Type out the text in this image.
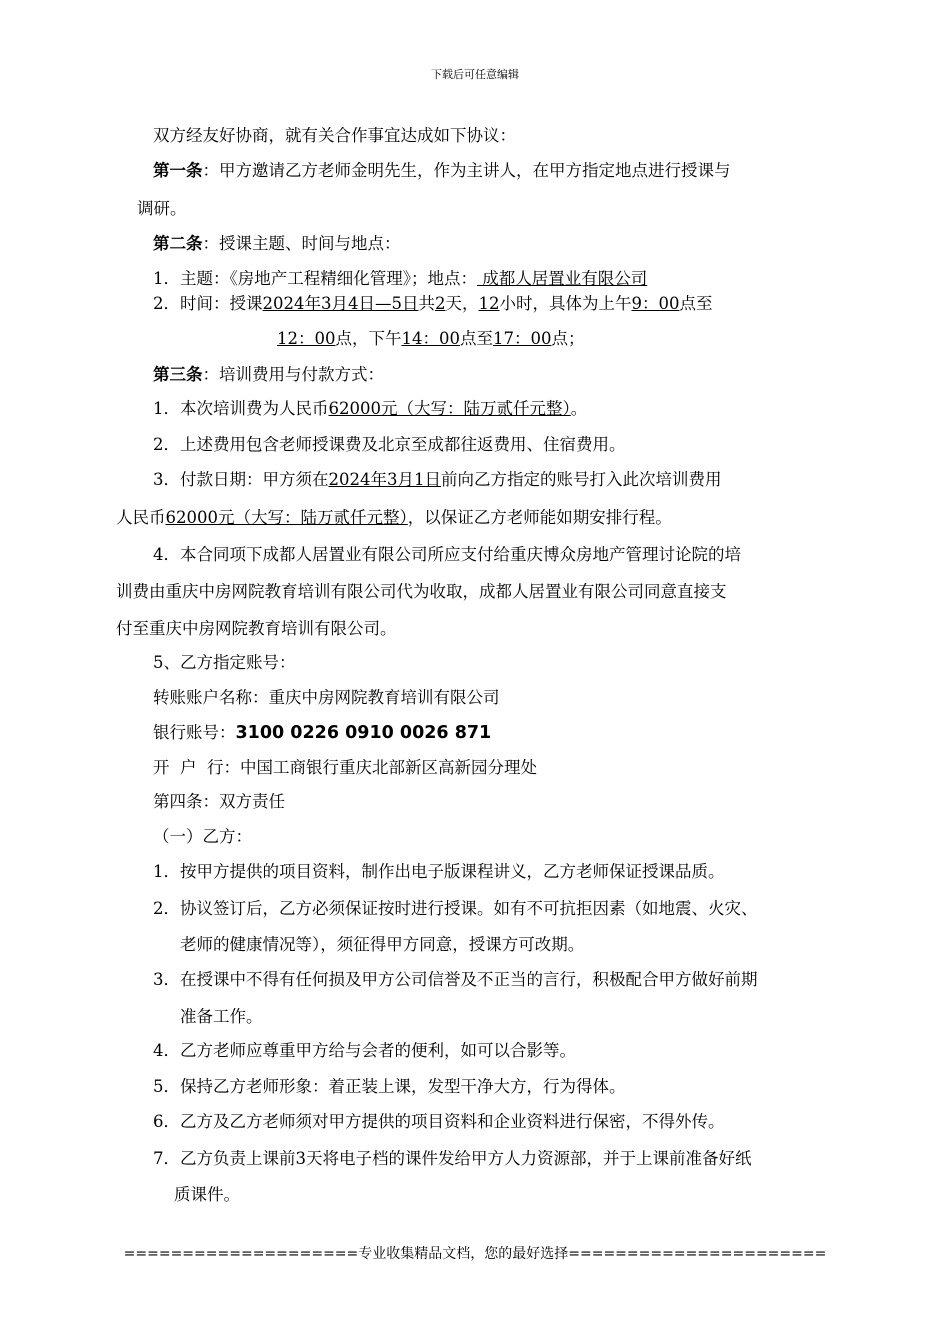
下载后可任意编辑
双方经友好协商，就有关合作事宜达成如下协议：
第一条：甲方邀请乙方老师金明先生，作为主讲人，在甲方指定地点进行授课与
调研。
第二条：授课主题、时间与地点：
1．主题：《房地产工程精细化管理》；地点： 成都人居置业有限公司
2．时间：授课2024年3月4日—5日共2天，12小时，具体为上午9：00点至
12：00点，下午14：00点至17：00点；
第三条：培训费用与付款方式：
1．本次培训费为人民币62000元（大写：陆万贰仟元整）。
2．上述费用包含老师授课费及北京至成都往返费用、住宿费用。
3．付款日期：甲方须在2024年3月1日前向乙方指定的账号打入此次培训费用
人民币62000元（大写：陆万贰仟元整），以保证乙方老师能如期安排行程。
4．本合同项下成都人居置业有限公司所应支付给重庆博众房地产管理讨论院的培
训费由重庆中房网院教育培训有限公司代为收取，成都人居置业有限公司同意直接支
付至重庆中房网院教育培训有限公司。
5、乙方指定账号：
转账账户名称：重庆中房网院教育培训有限公司
银行账号：3100 0226 0910 0026 871
开  户  行：中国工商银行重庆北部新区高新园分理处
第四条：双方责任
（一）乙方：
1．按甲方提供的项目资料，制作出电子版课程讲义，乙方老师保证授课品质。
2．协议签订后，乙方必须保证按时进行授课。如有不可抗拒因素（如地震、火灾、
老师的健康情况等），须征得甲方同意，授课方可改期。
3．在授课中不得有任何损及甲方公司信誉及不正当的言行，积极配合甲方做好前期
准备工作。
4．乙方老师应尊重甲方给与会者的便利，如可以合影等。
5．保持乙方老师形象：着正装上课，发型干净大方，行为得体。
6．乙方及乙方老师须对甲方提供的项目资料和企业资料进行保密，不得外传。
7．乙方负责上课前3天将电子档的课件发给甲方人力资源部，并于上课前准备好纸
质课件。
====================专业收集精品文档，您的最好选择======================
